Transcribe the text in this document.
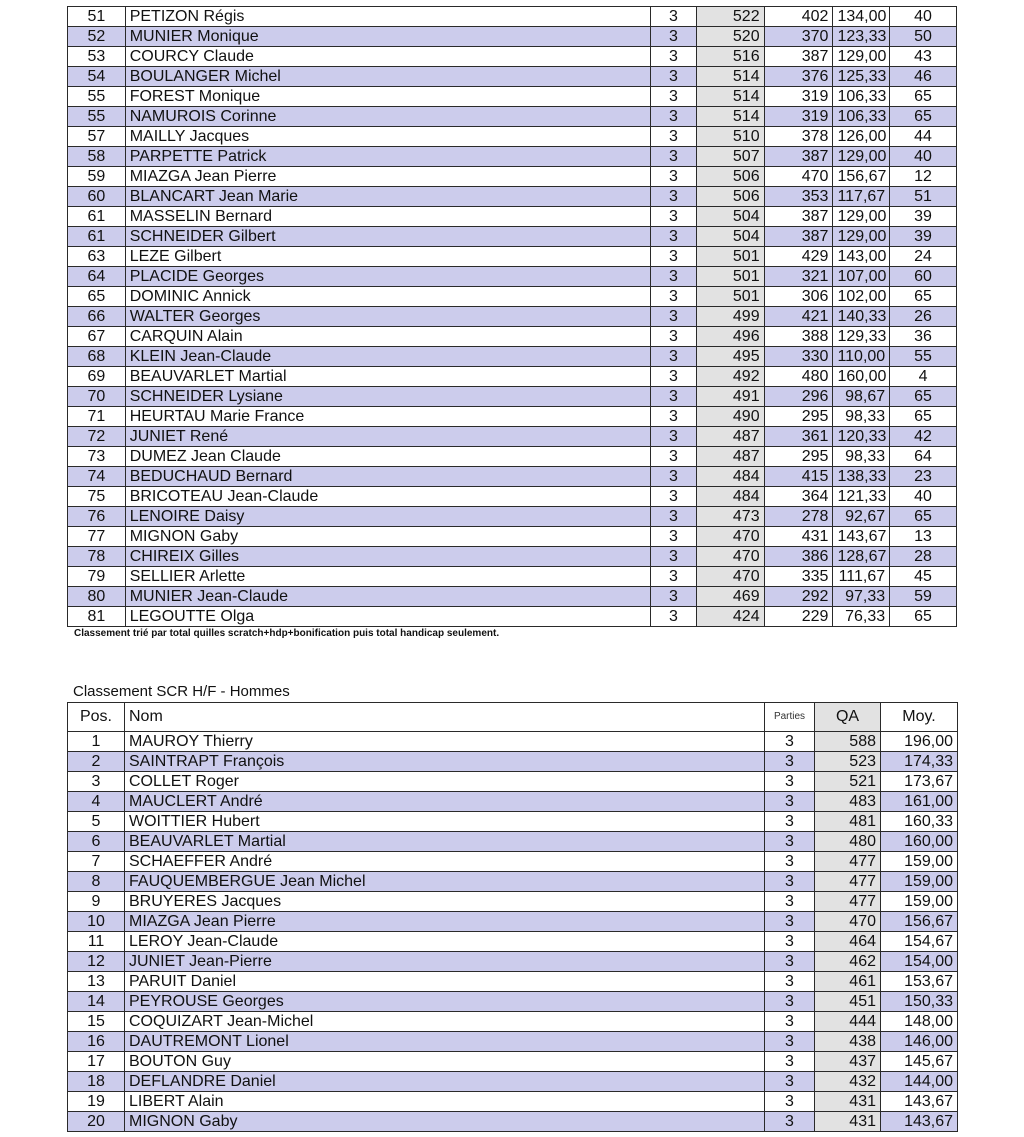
51	PETIZON Régis	3	522	402	134,00	40
52	MUNIER Monique	3	520	370	123,33	50
53	COURCY Claude	3	516	387	129,00	43
54	BOULANGER Michel	3	514	376	125,33	46
55	FOREST Monique	3	514	319	106,33	65
55	NAMUROIS Corinne	3	514	319	106,33	65
57	MAILLY Jacques	3	510	378	126,00	44
58	PARPETTE Patrick	3	507	387	129,00	40
59	MIAZGA Jean Pierre	3	506	470	156,67	12
60	BLANCART Jean Marie	3	506	353	117,67	51
61	MASSELIN Bernard	3	504	387	129,00	39
61	SCHNEIDER Gilbert	3	504	387	129,00	39
63	LEZE Gilbert	3	501	429	143,00	24
64	PLACIDE Georges	3	501	321	107,00	60
65	DOMINIC Annick	3	501	306	102,00	65
66	WALTER Georges	3	499	421	140,33	26
67	CARQUIN Alain	3	496	388	129,33	36
68	KLEIN Jean-Claude	3	495	330	110,00	55
69	BEAUVARLET Martial	3	492	480	160,00	4
70	SCHNEIDER Lysiane	3	491	296	98,67	65
71	HEURTAU Marie France	3	490	295	98,33	65
72	JUNIET René	3	487	361	120,33	42
73	DUMEZ Jean Claude	3	487	295	98,33	64
74	BEDUCHAUD Bernard	3	484	415	138,33	23
75	BRICOTEAU Jean-Claude	3	484	364	121,33	40
76	LENOIRE Daisy	3	473	278	92,67	65
77	MIGNON Gaby	3	470	431	143,67	13
78	CHIREIX Gilles	3	470	386	128,67	28
79	SELLIER Arlette	3	470	335	111,67	45
80	MUNIER Jean-Claude	3	469	292	97,33	59
81	LEGOUTTE Olga	3	424	229	76,33	65
Classement trié par total quilles scratch+hdp+bonification puis total handicap seulement.
Classement SCR H/F - Hommes
Pos.	Nom	Parties	QA	Moy.
1	MAUROY Thierry	3	588	196,00
2	SAINTRAPT François	3	523	174,33
3	COLLET Roger	3	521	173,67
4	MAUCLERT André	3	483	161,00
5	WOITTIER Hubert	3	481	160,33
6	BEAUVARLET Martial	3	480	160,00
7	SCHAEFFER André	3	477	159,00
8	FAUQUEMBERGUE Jean Michel	3	477	159,00
9	BRUYERES Jacques	3	477	159,00
10	MIAZGA Jean Pierre	3	470	156,67
11	LEROY Jean-Claude	3	464	154,67
12	JUNIET Jean-Pierre	3	462	154,00
13	PARUIT Daniel	3	461	153,67
14	PEYROUSE Georges	3	451	150,33
15	COQUIZART Jean-Michel	3	444	148,00
16	DAUTREMONT Lionel	3	438	146,00
17	BOUTON Guy	3	437	145,67
18	DEFLANDRE Daniel	3	432	144,00
19	LIBERT Alain	3	431	143,67
20	MIGNON Gaby	3	431	143,67
